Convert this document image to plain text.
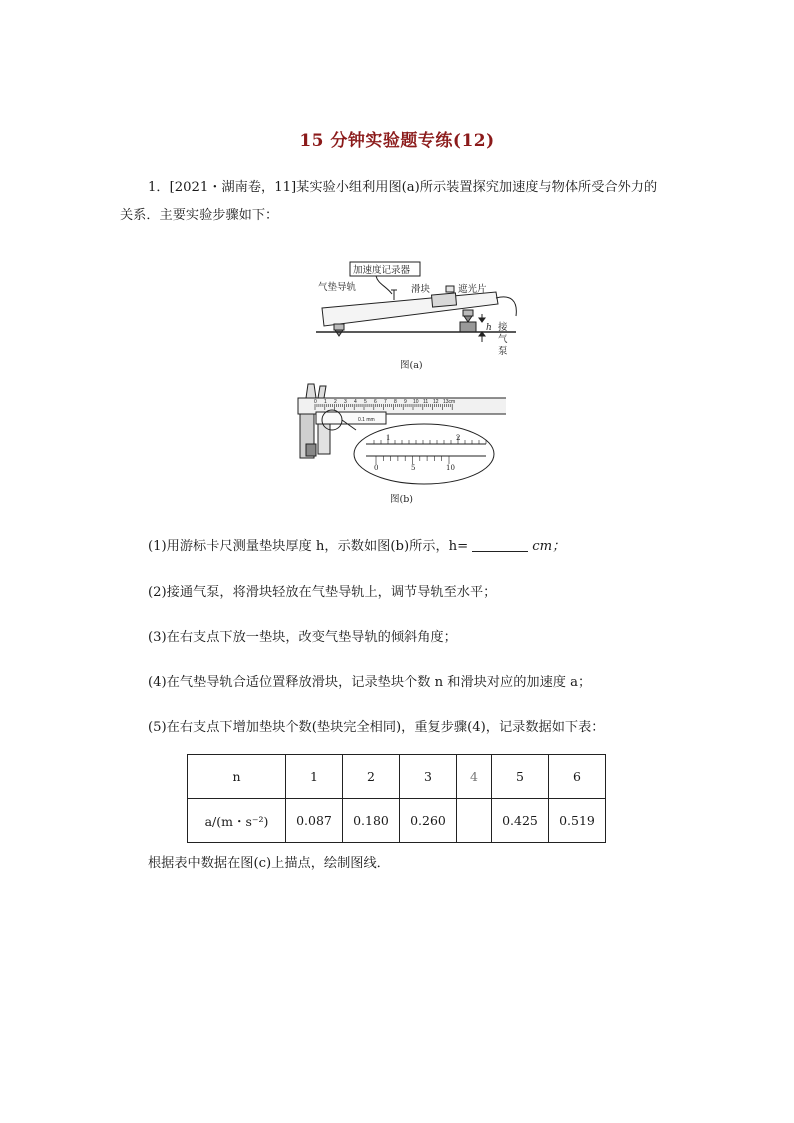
15 分钟实验题专练(12)
1．[2021・湖南卷，11]某实验小组利用图(a)所示装置探究加速度与物体所受合外力的
关系．主要实验步骤如下：
加速度记录器
气垫导轨	滑块	遮光片
h 接
气
泵
图(a)
0 1 2 3 4 5 6 7 8 9 10 11 12 13cm
0.1 mm
1	2
0	5	10
图(b)
(1)用游标卡尺测量垫块厚度 h，示数如图(b)所示，h=	cm；
(2)接通气泵，将滑块轻放在气垫导轨上，调节导轨至水平；
(3)在右支点下放一垫块，改变气垫导轨的倾斜角度；
(4)在气垫导轨合适位置释放滑块，记录垫块个数 n 和滑块对应的加速度 a；
(5)在右支点下增加垫块个数(垫块完全相同)，重复步骤(4)，记录数据如下表：
n	1	2	3	4	5	6
a/(m・s⁻²)	0.087	0.180	0.260		0.425	0.519
根据表中数据在图(c)上描点，绘制图线．
